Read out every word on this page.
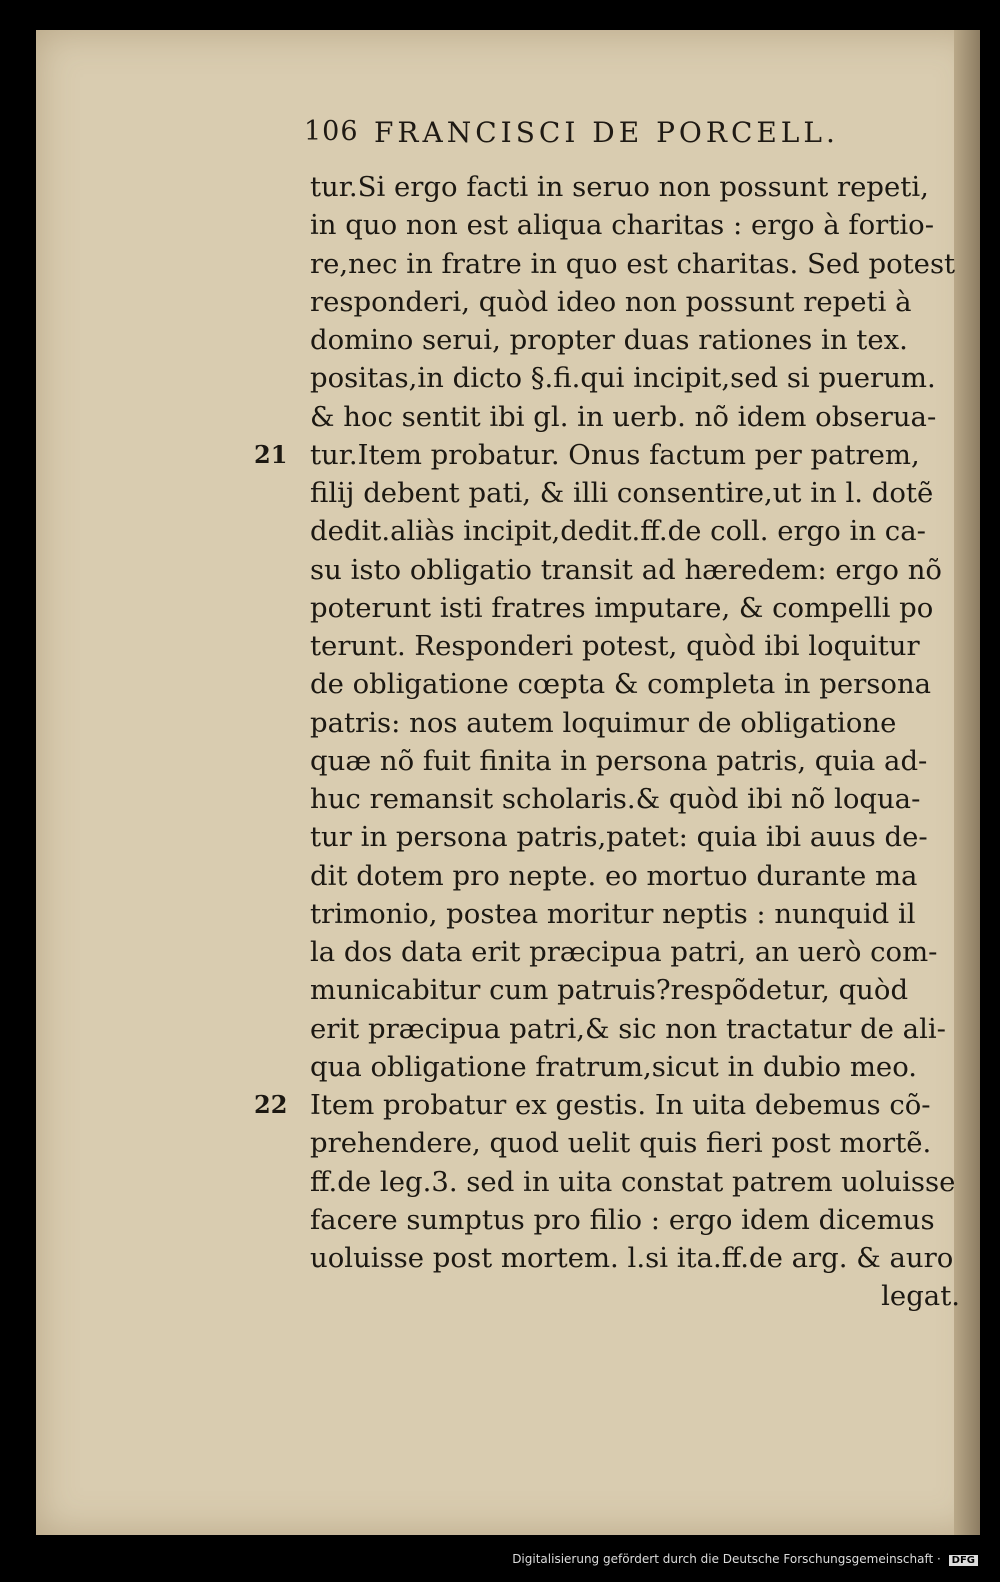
106 FRANCISCI DE PORCELL.
tur.Si ergo facti in seruo non possunt repeti,
in quo non est aliqua charitas : ergo à fortio-
re,nec in fratre in quo est charitas. Sed potest
responderi, quòd ideo non possunt repeti à
domino serui, propter duas rationes in tex.
positas,in dicto §.fi.qui incipit,sed si puerum.
& hoc sentit ibi gl. in uerb. nõ idem obserua-
21 tur.Item probatur. Onus factum per patrem,
filij debent pati, & illi consentire,ut in l. dotẽ
dedit.aliàs incipit,dedit.ff.de coll. ergo in ca-
su isto obligatio transit ad hæredem: ergo nõ
poterunt isti fratres imputare, & compelli po
terunt. Responderi potest, quòd ibi loquitur
de obligatione cœpta & completa in persona
patris: nos autem loquimur de obligatione
quæ nõ fuit finita in persona patris, quia ad-
huc remansit scholaris.& quòd ibi nõ loqua-
tur in persona patris,patet: quia ibi auus de-
dit dotem pro nepte. eo mortuo durante ma
trimonio, postea moritur neptis : nunquid il
la dos data erit præcipua patri, an uerò com-
municabitur cum patruis?respõdetur, quòd
erit præcipua patri,& sic non tractatur de ali-
qua obligatione fratrum,sicut in dubio meo.
22 Item probatur ex gestis. In uita debemus cõ-
prehendere, quod uelit quis fieri post mortẽ.
ff.de leg.3. sed in uita constat patrem uoluisse
facere sumptus pro filio : ergo idem dicemus
uoluisse post mortem. l.si ita.ff.de arg. & auro
legat.
Digitalisierung gefördert durch die Deutsche Forschungsgemeinschaft · DFG
